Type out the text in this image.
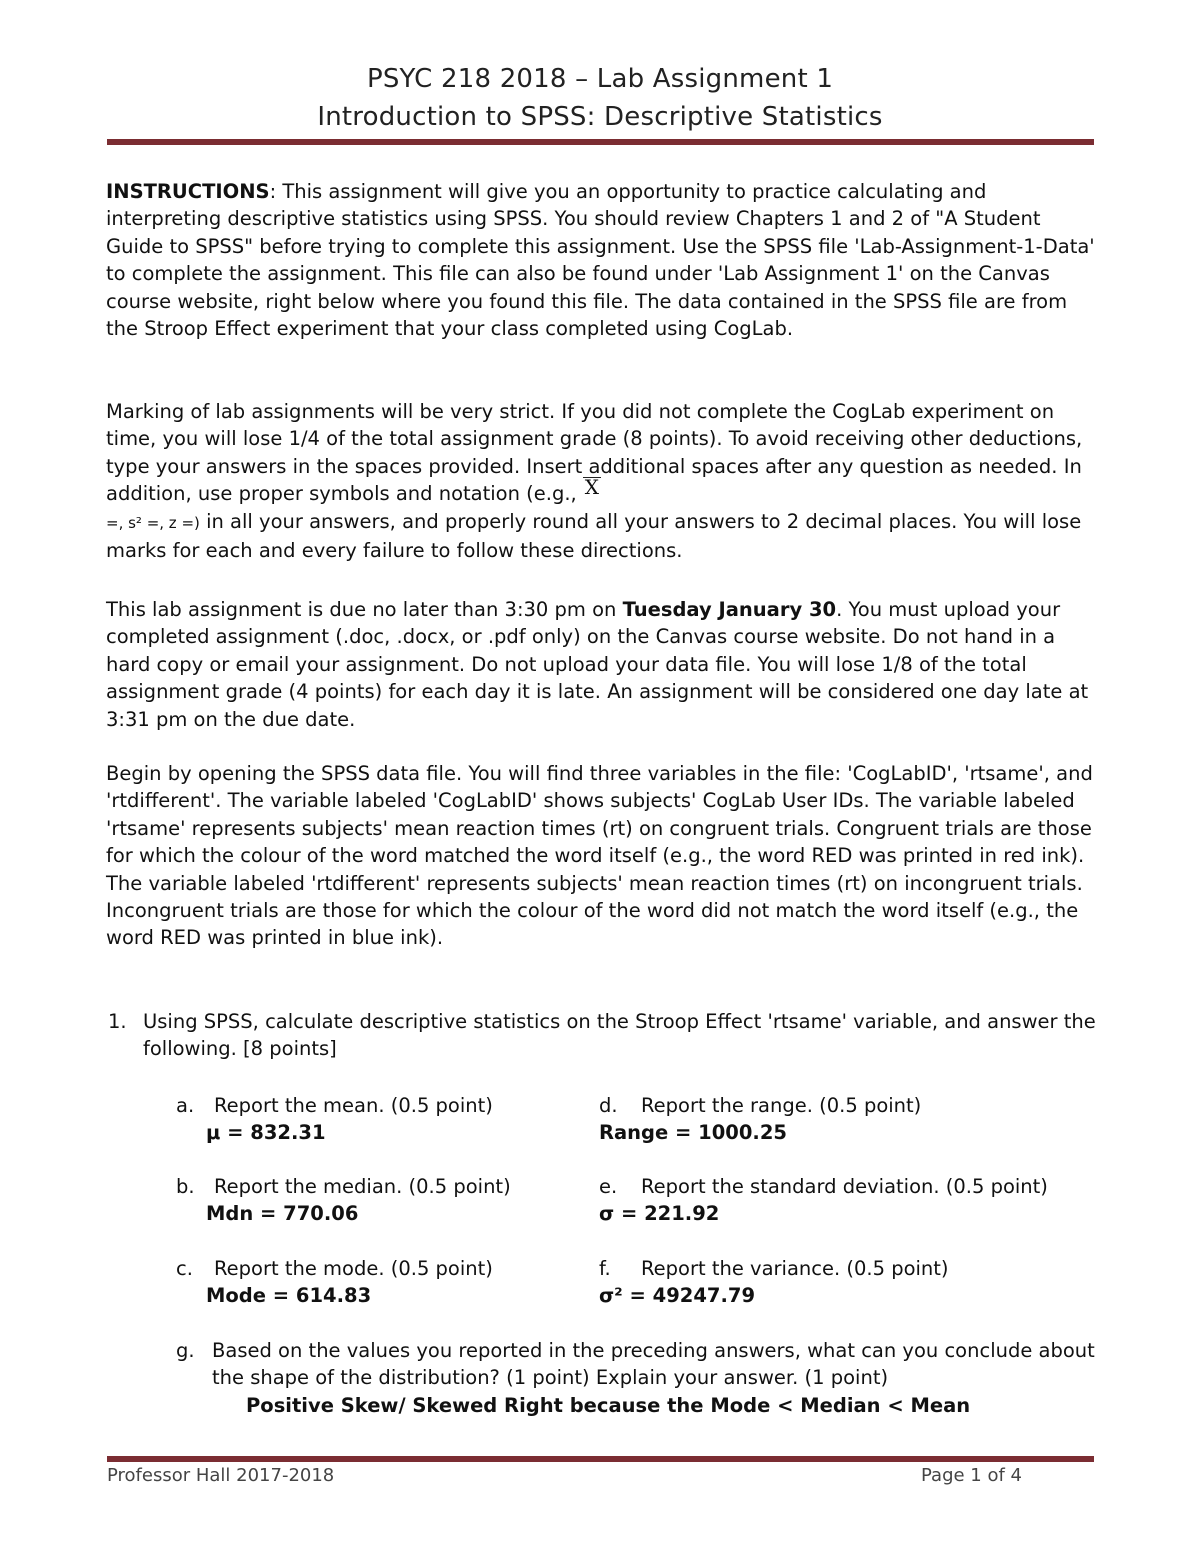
PSYC 218 2018 – Lab Assignment 1
Introduction to SPSS: Descriptive Statistics

INSTRUCTIONS: This assignment will give you an opportunity to practice calculating and interpreting descriptive statistics using SPSS. You should review Chapters 1 and 2 of "A Student Guide to SPSS" before trying to complete this assignment. Use the SPSS file 'Lab-Assignment-1-Data' to complete the assignment. This file can also be found under 'Lab Assignment 1' on the Canvas course website, right below where you found this file. The data contained in the SPSS file are from the Stroop Effect experiment that your class completed using CogLab.

Marking of lab assignments will be very strict. If you did not complete the CogLab experiment on time, you will lose 1/4 of the total assignment grade (8 points). To avoid receiving other deductions, type your answers in the spaces provided. Insert additional spaces after any question as needed. In addition, use proper symbols and notation (e.g., X
=, s² =, z =) in all your answers, and properly round all your answers to 2 decimal places. You will lose marks for each and every failure to follow these directions.

This lab assignment is due no later than 3:30 pm on Tuesday January 30. You must upload your completed assignment (.doc, .docx, or .pdf only) on the Canvas course website. Do not hand in a hard copy or email your assignment. Do not upload your data file. You will lose 1/8 of the total assignment grade (4 points) for each day it is late. An assignment will be considered one day late at 3:31 pm on the due date.

Begin by opening the SPSS data file. You will find three variables in the file: 'CogLabID', 'rtsame', and 'rtdifferent'. The variable labeled 'CogLabID' shows subjects' CogLab User IDs. The variable labeled 'rtsame' represents subjects' mean reaction times (rt) on congruent trials. Congruent trials are those for which the colour of the word matched the word itself (e.g., the word RED was printed in red ink). The variable labeled 'rtdifferent' represents subjects' mean reaction times (rt) on incongruent trials. Incongruent trials are those for which the colour of the word did not match the word itself (e.g., the word RED was printed in blue ink).

1. Using SPSS, calculate descriptive statistics on the Stroop Effect 'rtsame' variable, and answer the following. [8 points]
a. Report the mean. (0.5 point)
μ = 832.31
b. Report the median. (0.5 point)
Mdn = 770.06
c. Report the mode. (0.5 point)
Mode = 614.83
d. Report the range. (0.5 point)
Range = 1000.25
e. Report the standard deviation. (0.5 point)
σ = 221.92
f. Report the variance. (0.5 point)
σ² = 49247.79
g. Based on the values you reported in the preceding answers, what can you conclude about the shape of the distribution? (1 point) Explain your answer. (1 point)
Positive Skew/ Skewed Right because the Mode < Median < Mean
Professor Hall 2017-2018	Page 1 of 4
